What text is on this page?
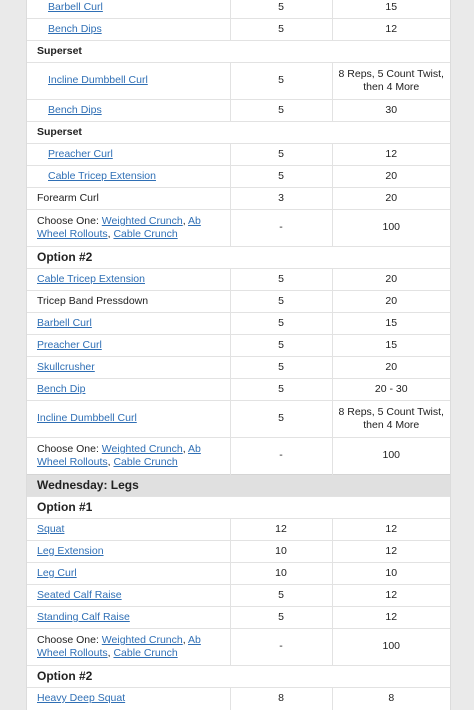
Barbell Curl	5	15
Bench Dips	5	12
Superset		
Incline Dumbbell Curl	5	8 Reps, 5 Count Twist, then 4 More
Bench Dips	5	30
Superset		
Preacher Curl	5	12
Cable Tricep Extension	5	20
Forearm Curl	3	20
Choose One: Weighted Crunch, Ab Wheel Rollouts, Cable Crunch	-	100
Option #2		
Cable Tricep Extension	5	20
Tricep Band Pressdown	5	20
Barbell Curl	5	15
Preacher Curl	5	15
Skullcrusher	5	20
Bench Dip	5	20 - 30
Incline Dumbbell Curl	5	8 Reps, 5 Count Twist, then 4 More
Choose One: Weighted Crunch, Ab Wheel Rollouts, Cable Crunch	-	100
Wednesday: Legs		
Option #1		
Squat	12	12
Leg Extension	10	12
Leg Curl	10	10
Seated Calf Raise	5	12
Standing Calf Raise	5	12
Choose One: Weighted Crunch, Ab Wheel Rollouts, Cable Crunch	-	100
Option #2		
Heavy Deep Squat	8	8
